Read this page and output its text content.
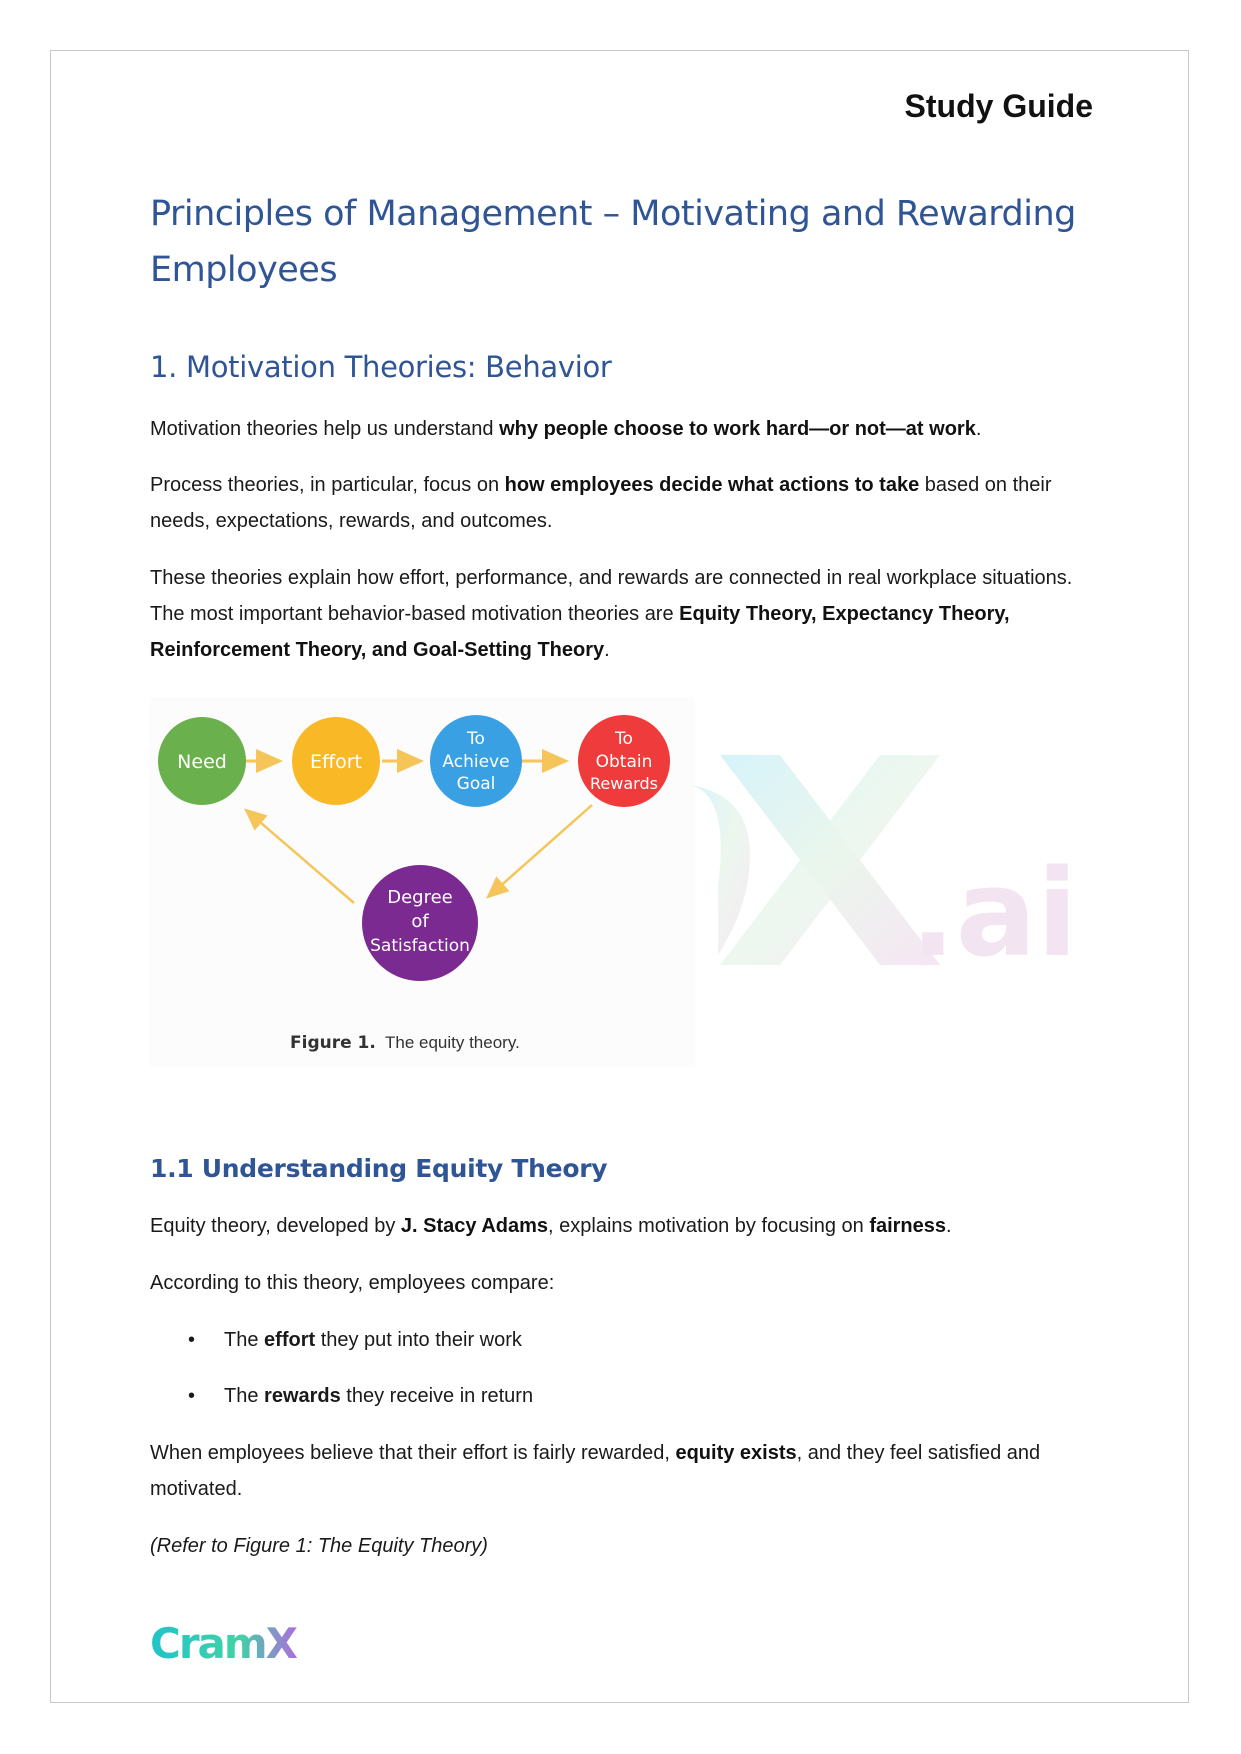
Study Guide
Principles of Management – Motivating and Rewarding Employees
1. Motivation Theories: Behavior

Motivation theories help us understand why people choose to work hard—or not—at work.

Process theories, in particular, focus on how employees decide what actions to take based on their needs, expectations, rewards, and outcomes.

These theories explain how effort, performance, and rewards are connected in real workplace situations. The most important behavior-based motivation theories are Equity Theory, Expectancy Theory, Reinforcement Theory, and Goal-Setting Theory.

Need	Effort
To
Achieve
Goal
To
Obtain
Rewards
Degree
of
Satisfaction
Figure 1. The equity theory.
.ai
1.1 Understanding Equity Theory

Equity theory, developed by J. Stacy Adams, explains motivation by focusing on fairness.

According to this theory, employees compare:

• The effort they put into their work
• The rewards they receive in return

When employees believe that their effort is fairly rewarded, equity exists, and they feel satisfied and motivated.

(Refer to Figure 1: The Equity Theory)

CramX
